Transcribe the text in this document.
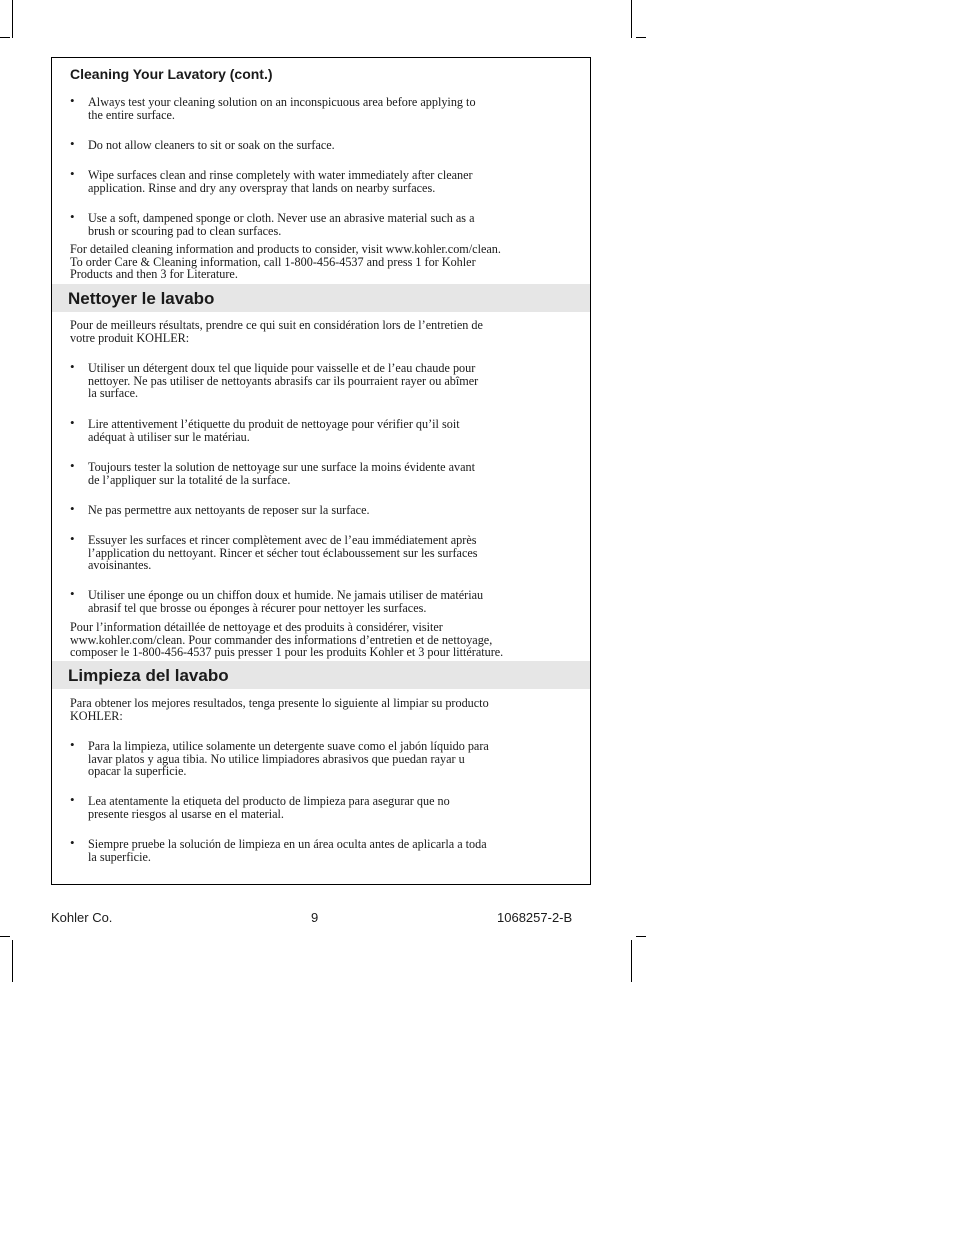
Cleaning Your Lavatory (cont.)
• Always test your cleaning solution on an inconspicuous area before applying to
the entire surface.
• Do not allow cleaners to sit or soak on the surface.
• Wipe surfaces clean and rinse completely with water immediately after cleaner
application. Rinse and dry any overspray that lands on nearby surfaces.
• Use a soft, dampened sponge or cloth. Never use an abrasive material such as a
brush or scouring pad to clean surfaces.
For detailed cleaning information and products to consider, visit www.kohler.com/clean.
To order Care & Cleaning information, call 1-800-456-4537 and press 1 for Kohler
Products and then 3 for Literature.
Nettoyer le lavabo
Pour de meilleurs résultats, prendre ce qui suit en considération lors de l’entretien de
votre produit KOHLER:
• Utiliser un détergent doux tel que liquide pour vaisselle et de l’eau chaude pour
nettoyer. Ne pas utiliser de nettoyants abrasifs car ils pourraient rayer ou abîmer
la surface.
• Lire attentivement l’étiquette du produit de nettoyage pour vérifier qu’il soit
adéquat à utiliser sur le matériau.
• Toujours tester la solution de nettoyage sur une surface la moins évidente avant
de l’appliquer sur la totalité de la surface.
• Ne pas permettre aux nettoyants de reposer sur la surface.
• Essuyer les surfaces et rincer complètement avec de l’eau immédiatement après
l’application du nettoyant. Rincer et sécher tout éclaboussement sur les surfaces
avoisinantes.
• Utiliser une éponge ou un chiffon doux et humide. Ne jamais utiliser de matériau
abrasif tel que brosse ou éponges à récurer pour nettoyer les surfaces.
Pour l’information détaillée de nettoyage et des produits à considérer, visiter
www.kohler.com/clean. Pour commander des informations d’entretien et de nettoyage,
composer le 1-800-456-4537 puis presser 1 pour les produits Kohler et 3 pour littérature.
Limpieza del lavabo
Para obtener los mejores resultados, tenga presente lo siguiente al limpiar su producto
KOHLER:
• Para la limpieza, utilice solamente un detergente suave como el jabón líquido para
lavar platos y agua tibia. No utilice limpiadores abrasivos que puedan rayar u
opacar la superficie.
• Lea atentamente la etiqueta del producto de limpieza para asegurar que no
presente riesgos al usarse en el material.
• Siempre pruebe la solución de limpieza en un área oculta antes de aplicarla a toda
la superficie.
Kohler Co.	9	1068257-2-B
